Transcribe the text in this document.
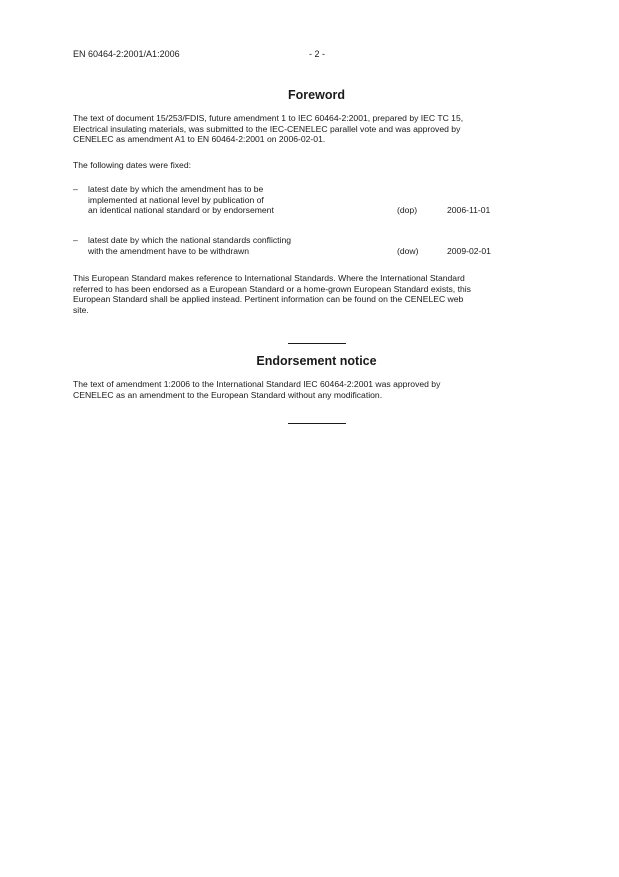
EN 60464-2:2001/A1:2006	- 2 -
Foreword
The text of document 15/253/FDIS, future amendment 1 to IEC 60464-2:2001, prepared by IEC TC 15,
Electrical insulating materials, was submitted to the IEC-CENELEC parallel vote and was approved by
CENELEC as amendment A1 to EN 60464-2:2001 on 2006-02-01.
The following dates were fixed:
– latest date by which the amendment has to be
implemented at national level by publication of
an identical national standard or by endorsement	(dop)	2006-11-01
– latest date by which the national standards conflicting
with the amendment have to be withdrawn	(dow)	2009-02-01
This European Standard makes reference to International Standards. Where the International Standard
referred to has been endorsed as a European Standard or a home-grown European Standard exists, this
European Standard shall be applied instead. Pertinent information can be found on the CENELEC web
site.
Endorsement notice
The text of amendment 1:2006 to the International Standard IEC 60464-2:2001 was approved by
CENELEC as an amendment to the European Standard without any modification.
